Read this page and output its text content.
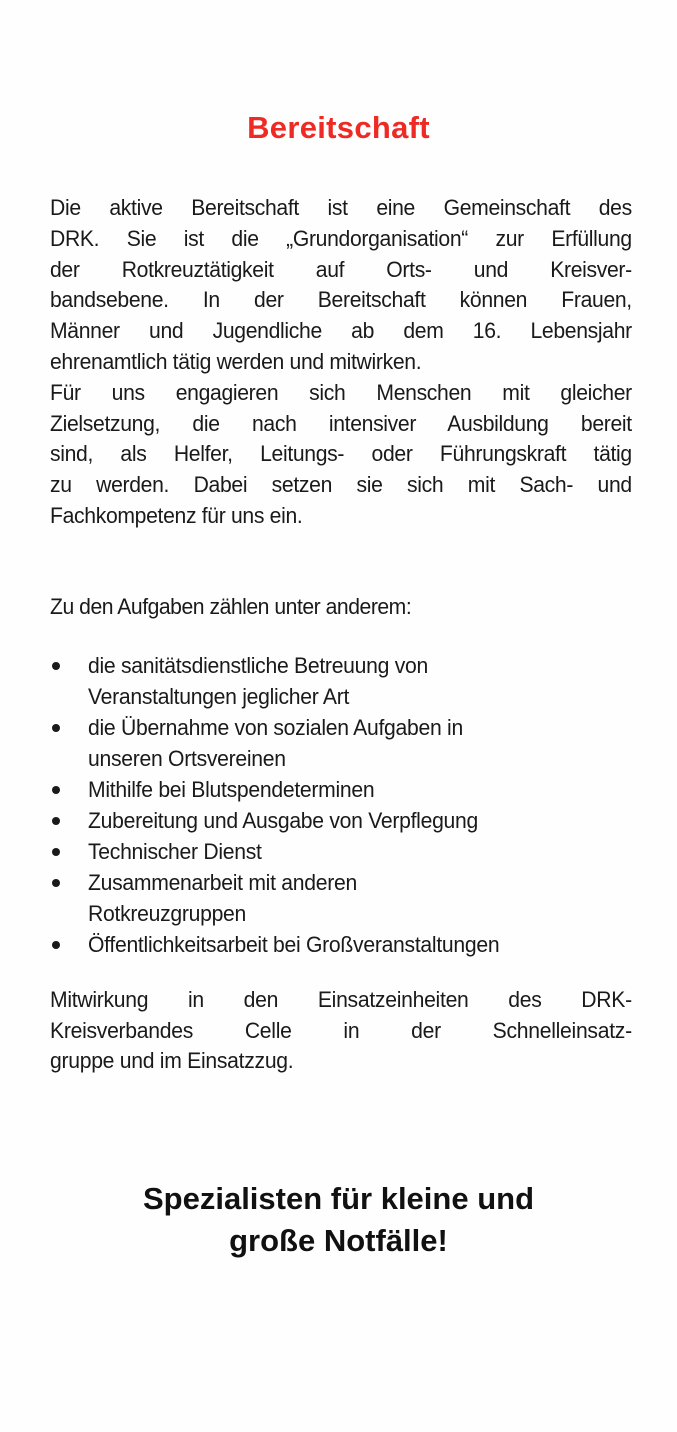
Bereitschaft

Die aktive Bereitschaft ist eine Gemeinschaft des
DRK. Sie ist die „Grundorganisation“ zur Erfüllung
der Rotkreuztätigkeit auf Orts- und Kreisver-
bandsebene. In der Bereitschaft können Frauen,
Männer und Jugendliche ab dem 16. Lebensjahr
ehrenamtlich tätig werden und mitwirken.
Für uns engagieren sich Menschen mit gleicher
Zielsetzung, die nach intensiver Ausbildung bereit
sind, als Helfer, Leitungs- oder Führungskraft tätig
zu werden. Dabei setzen sie sich mit Sach- und
Fachkompetenz für uns ein.

Zu den Aufgaben zählen unter anderem:

die sanitätsdienstliche Betreuung von
Veranstaltungen jeglicher Art
die Übernahme von sozialen Aufgaben in
unseren Ortsvereinen
Mithilfe bei Blutspendeterminen
Zubereitung und Ausgabe von Verpflegung
Technischer Dienst
Zusammenarbeit mit anderen
Rotkreuzgruppen
Öffentlichkeitsarbeit bei Großveranstaltungen

Mitwirkung in den Einsatzeinheiten des DRK-
Kreisverbandes Celle in der Schnelleinsatz-
gruppe und im Einsatzzug.

Spezialisten für kleine und
große Notfälle!
